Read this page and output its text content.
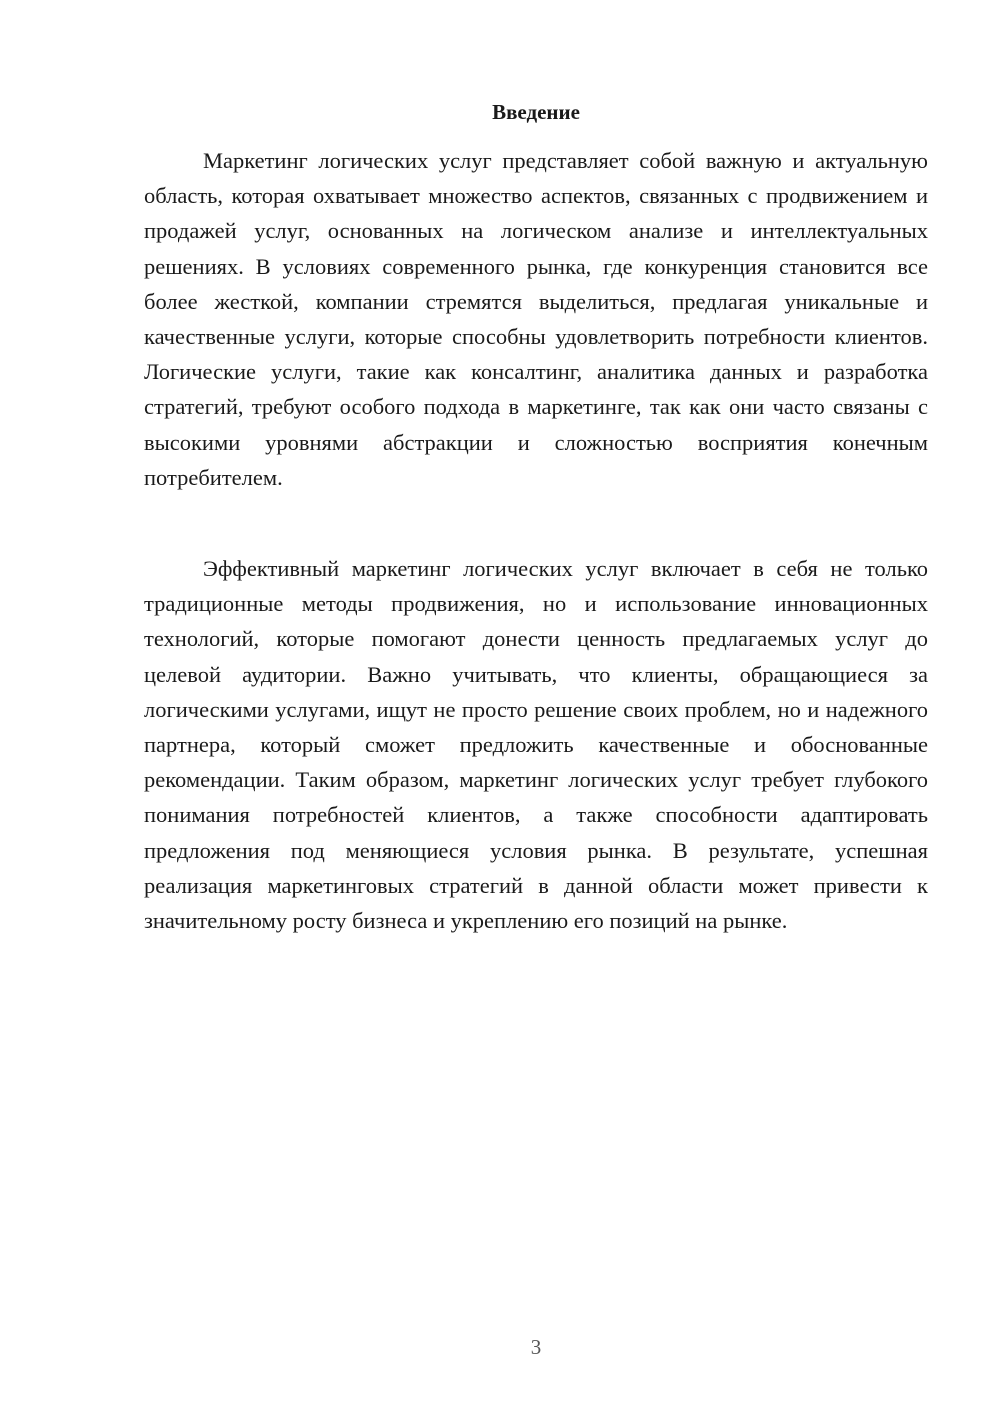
Введение

Маркетинг логических услуг представляет собой важную и актуальную область, которая охватывает множество аспектов, связанных с продвижением и продажей услуг, основанных на логическом анализе и интеллектуальных решениях. В условиях современного рынка, где конкуренция становится все более жесткой, компании стремятся выделиться, предлагая уникальные и качественные услуги, которые способны удовлетворить потребности клиентов. Логические услуги, такие как консалтинг, аналитика данных и разработка стратегий, требуют особого подхода в маркетинге, так как они часто связаны с высокими уровнями абстракции и сложностью восприятия конечным потребителем.

Эффективный маркетинг логических услуг включает в себя не только традиционные методы продвижения, но и использование инновационных технологий, которые помогают донести ценность предлагаемых услуг до целевой аудитории. Важно учитывать, что клиенты, обращающиеся за логическими услугами, ищут не просто решение своих проблем, но и надежного партнера, который сможет предложить качественные и обоснованные рекомендации. Таким образом, маркетинг логических услуг требует глубокого понимания потребностей клиентов, а также способности адаптировать предложения под меняющиеся условия рынка. В результате, успешная реализация маркетинговых стратегий в данной области может привести к значительному росту бизнеса и укреплению его позиций на рынке.

3
